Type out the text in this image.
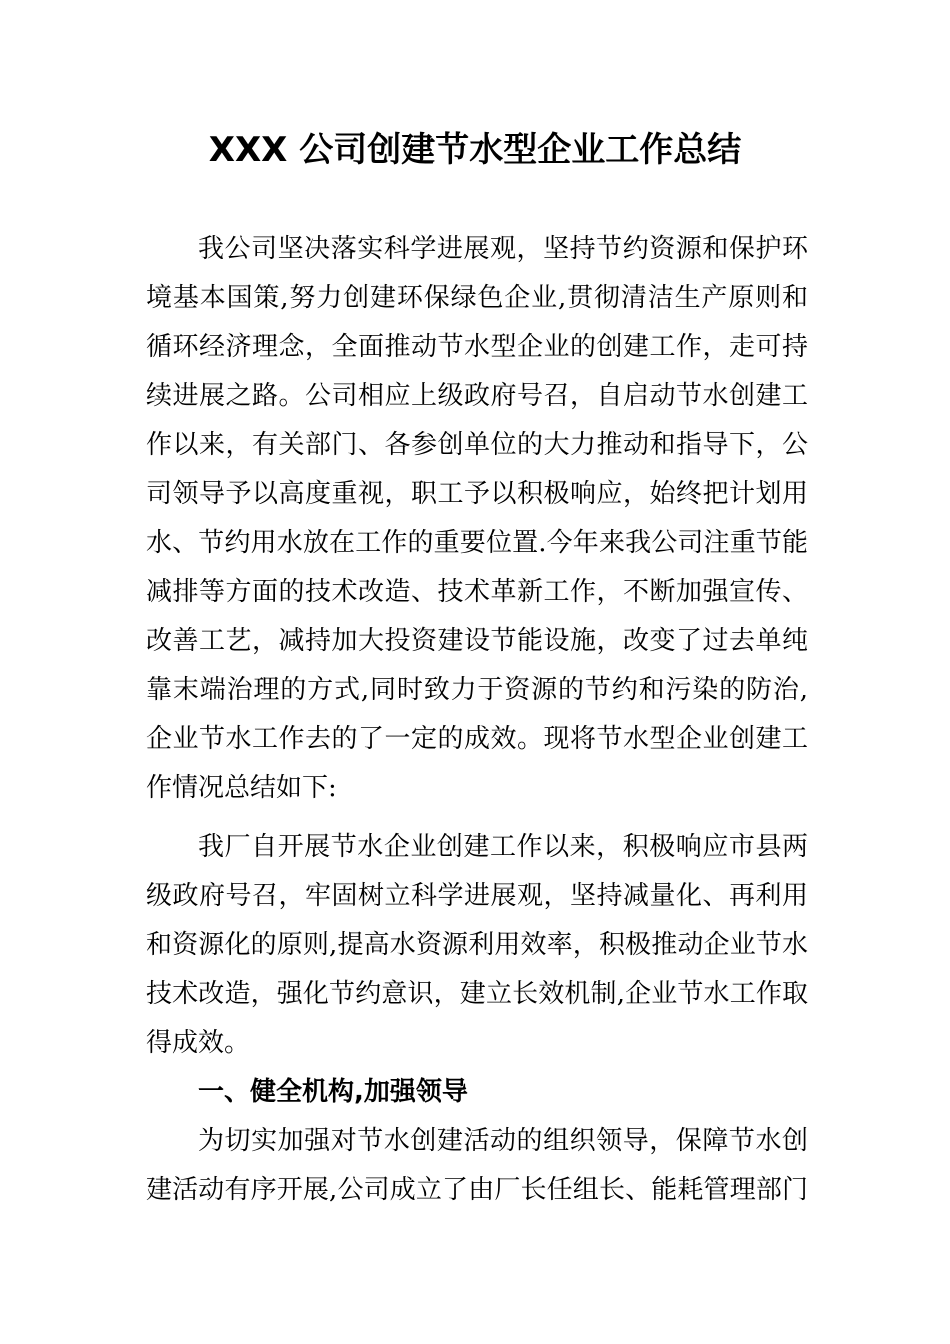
XXX 公司创建节水型企业工作总结
我公司坚决落实科学进展观，坚持节约资源和保护环
境基本国策,努力创建环保绿色企业,贯彻清洁生产原则和
循环经济理念，全面推动节水型企业的创建工作，走可持
续进展之路。公司相应上级政府号召，自启动节水创建工
作以来，有关部门、各参创单位的大力推动和指导下，公
司领导予以高度重视，职工予以积极响应，始终把计划用
水、节约用水放在工作的重要位置.今年来我公司注重节能
减排等方面的技术改造、技术革新工作，不断加强宣传、
改善工艺，减持加大投资建设节能设施，改变了过去单纯
靠末端治理的方式,同时致力于资源的节约和污染的防治,
企业节水工作去的了一定的成效。现将节水型企业创建工
作情况总结如下:
我厂自开展节水企业创建工作以来，积极响应市县两
级政府号召，牢固树立科学进展观，坚持减量化、再利用
和资源化的原则,提高水资源利用效率，积极推动企业节水
技术改造，强化节约意识，建立长效机制,企业节水工作取
得成效。
一、健全机构,加强领导
为切实加强对节水创建活动的组织领导，保障节水创
建活动有序开展,公司成立了由厂长任组长、能耗管理部门
